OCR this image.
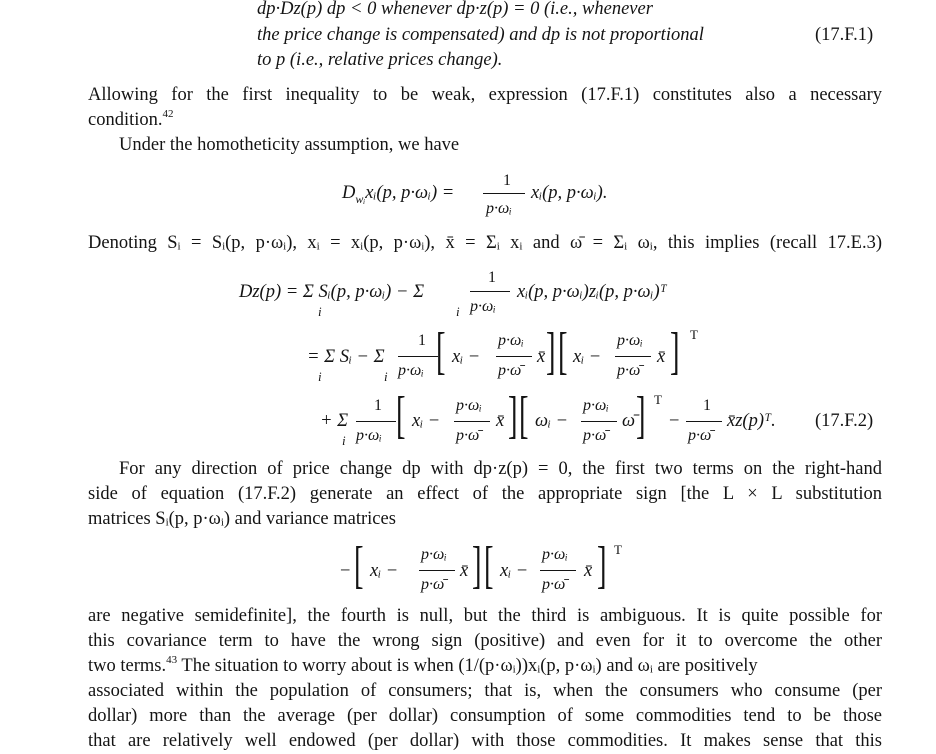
dp·Dz(p) dp < 0 whenever dp·z(p) = 0 (i.e., whenever
the price change is compensated) and dp is not proportional
to p (i.e., relative prices change).
(17.F.1)
Allowing for the first inequality to be weak, expression (17.F.1) constitutes also a necessary
condition.$^{42}$
Under the homotheticity assumption, we have
$D_{wᵢ}xᵢ(p$, p·ωᵢ) =
1
p·ωᵢ
xᵢ(p, p·ωᵢ).
Denoting Sᵢ = Sᵢ(p, p·ωᵢ), xᵢ = xᵢ(p, p·ωᵢ), x̄ = Σᵢ xᵢ and ω̄ = Σᵢ ωᵢ, this implies (recall 17.E.3)
Dz(p) = Σ Sᵢ(p, p·ωᵢ) − Σ
i	i
1
p·ωᵢ
xᵢ(p, p·ωᵢ)zᵢ(p, p·ωᵢ)ᵀ
= Σ Sᵢ − Σ
i	i
1
p·ωᵢ [ xᵢ −
p·ωᵢ
p·ω̄
x̄ ] [ xᵢ −
p·ωᵢ
p·ω̄
x̄ ] T
+ Σ
i
1
p·ωᵢ [ xᵢ −
p·ωᵢ
p·ω̄
x̄ ] [ ωᵢ −
p·ωᵢ
p·ω̄
ω̄ ] T
−
1
p·ω̄
x̄z(p)ᵀ. (17.F.2)
For any direction of price change dp with dp·z(p) = 0, the first two terms on the right-hand
side of equation (17.F.2) generate an effect of the appropriate sign [the L × L substitution
matrices Sᵢ(p, p·ωᵢ) and variance matrices
− [ xᵢ −
p·ωᵢ
p·ω̄
x̄ ] [ xᵢ −
p·ωᵢ
p·ω̄
x̄ ] T
are negative semidefinite], the fourth is null, but the third is ambiguous. It is quite possible for
this covariance term to have the wrong sign (positive) and even for it to overcome the other
two terms.$^{43}$ The situation to worry about is when (1/(p·ωᵢ))xᵢ(p, p·ωᵢ) and ωᵢ are positively
associated within the population of consumers; that is, when the consumers who consume (per
dollar) more than the average (per dollar) consumption of some commodities tend to be those
that are relatively well endowed (per dollar) with those commodities. It makes sense that this
